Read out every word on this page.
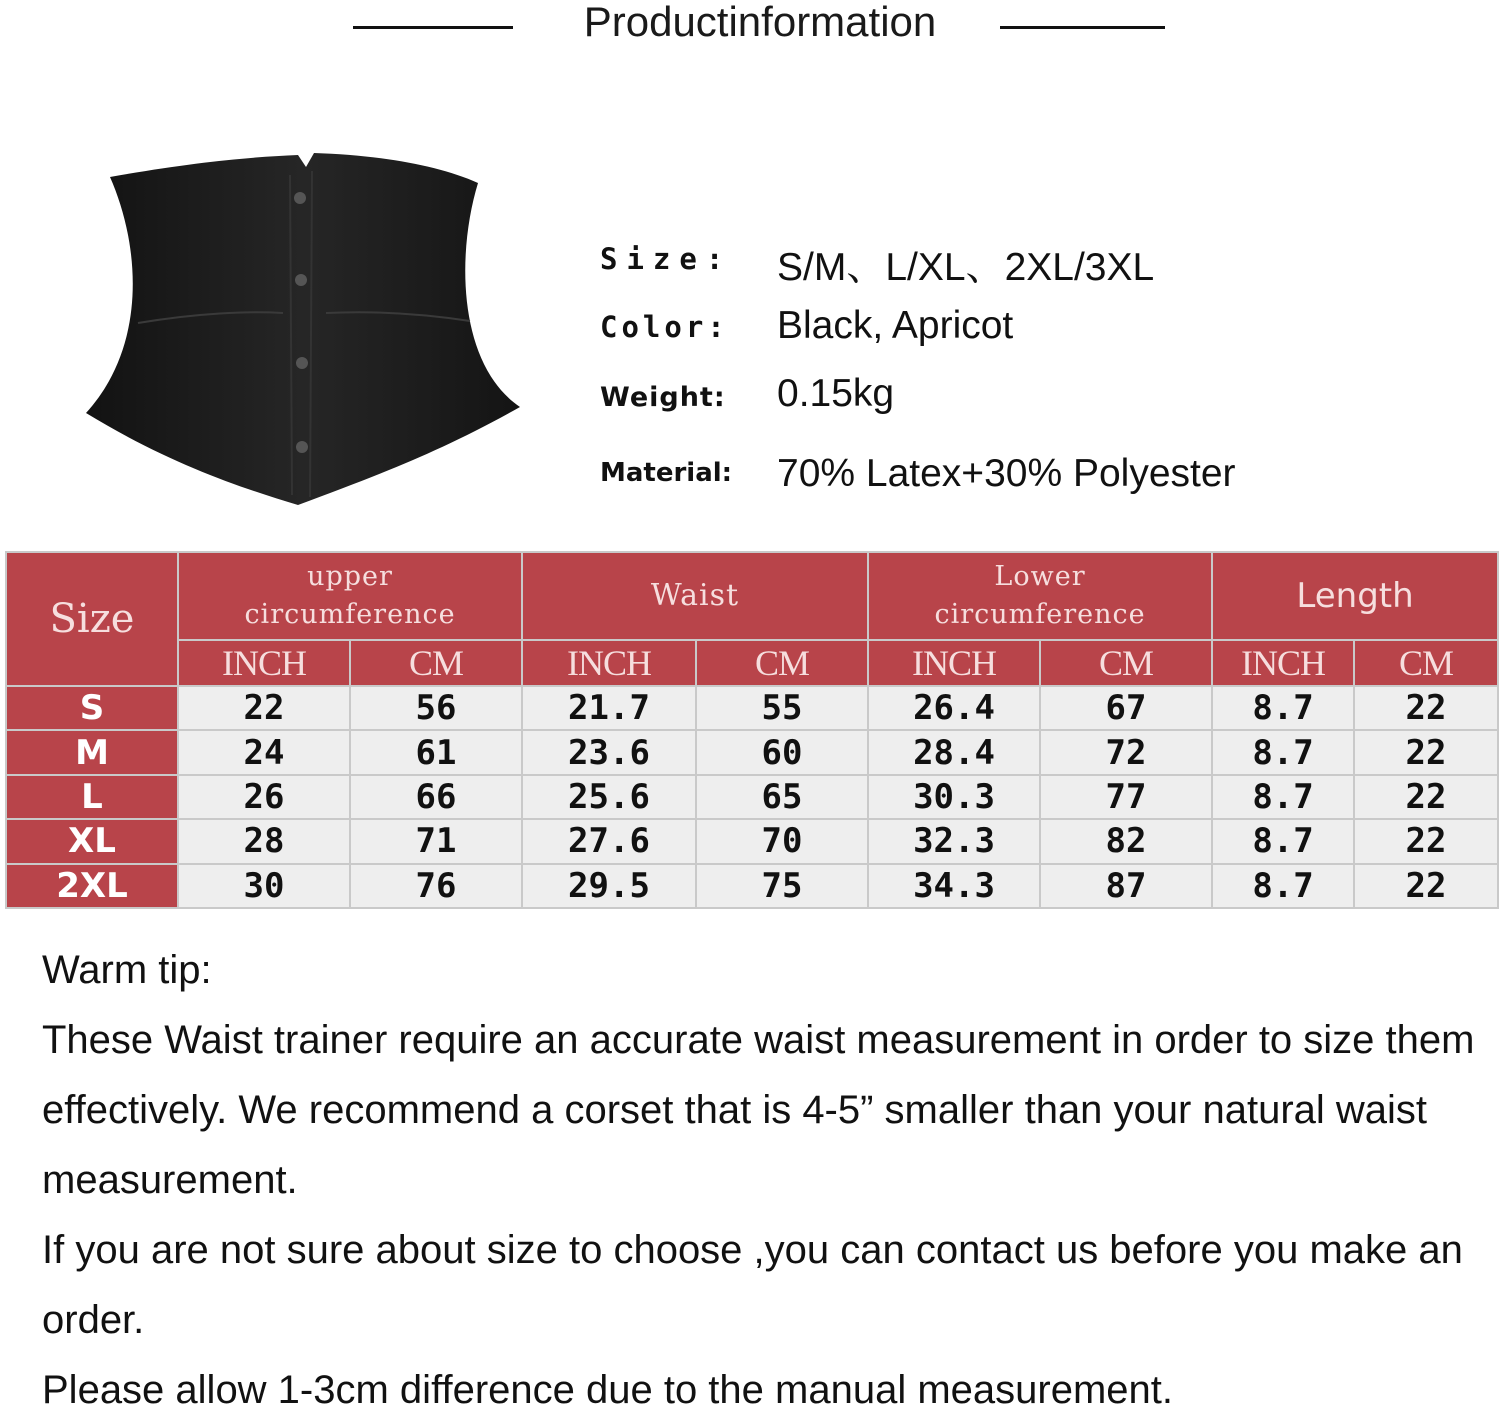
Productinformation
Size: S/M、L/XL、2XL/3XL
Color: Black, Apricot
Weight: 0.15kg
Material: 70% Latex+30% Polyester
Size	upper circumference		Waist		Lower circumference		Length	
	INCH	CM	INCH	CM	INCH	CM	INCH	CM
S	22	56	21.7	55	26.4	67	8.7	22
M	24	61	23.6	60	28.4	72	8.7	22
L	26	66	25.6	65	30.3	77	8.7	22
XL	28	71	27.6	70	32.3	82	8.7	22
2XL	30	76	29.5	75	34.3	87	8.7	22

Warm tip:

These Waist trainer require an accurate waist measurement in order to size them effectively. We recommend a corset that is 4-5” smaller than your natural waist measurement.

If you are not sure about size to choose ,you can contact us before you make an order.

Please allow 1-3cm difference due to the manual measurement.
